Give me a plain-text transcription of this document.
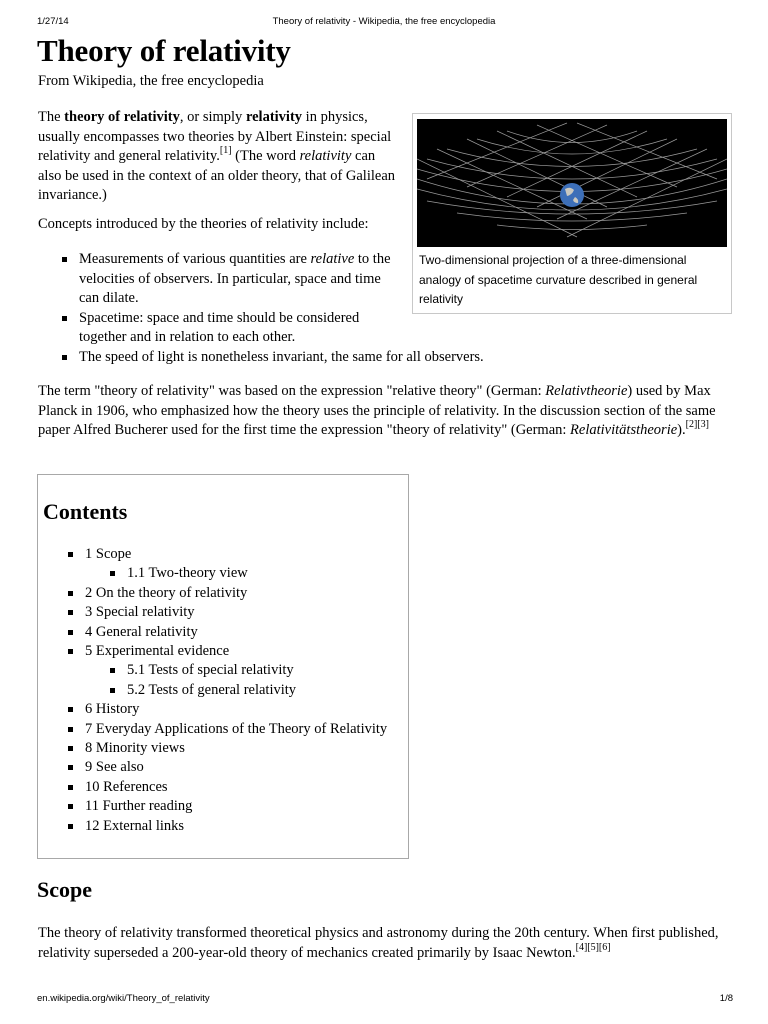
1/27/14	Theory of relativity - Wikipedia, the free encyclopedia
Theory of relativity
From Wikipedia, the free encyclopedia

The theory of relativity, or simply relativity in physics, usually encompasses two theories by Albert Einstein: special relativity and general relativity.[1] (The word relativity can also be used in the context of an older theory, that of Galilean invariance.)

Concepts introduced by the theories of relativity include:

Measurements of various quantities are relative to the velocities of observers. In particular, space and time can dilate.
Spacetime: space and time should be considered together and in relation to each other.
The speed of light is nonetheless invariant, the same for all observers.
Two-dimensional projection of a three-dimensional analogy of spacetime curvature described in general relativity

The term "theory of relativity" was based on the expression "relative theory" (German: Relativtheorie) used by Max Planck in 1906, who emphasized how the theory uses the principle of relativity. In the discussion section of the same paper Alfred Bucherer used for the first time the expression "theory of relativity" (German: Relativitätstheorie).[2][3]

Contents
1 Scope
1.1 Two-theory view
2 On the theory of relativity
3 Special relativity
4 General relativity
5 Experimental evidence
5.1 Tests of special relativity
5.2 Tests of general relativity
6 History
7 Everyday Applications of the Theory of Relativity
8 Minority views
9 See also
10 References
11 Further reading
12 External links
Scope

The theory of relativity transformed theoretical physics and astronomy during the 20th century. When first published, relativity superseded a 200-year-old theory of mechanics created primarily by Isaac Newton.[4][5][6]

en.wikipedia.org/wiki/Theory_of_relativity	1/8
